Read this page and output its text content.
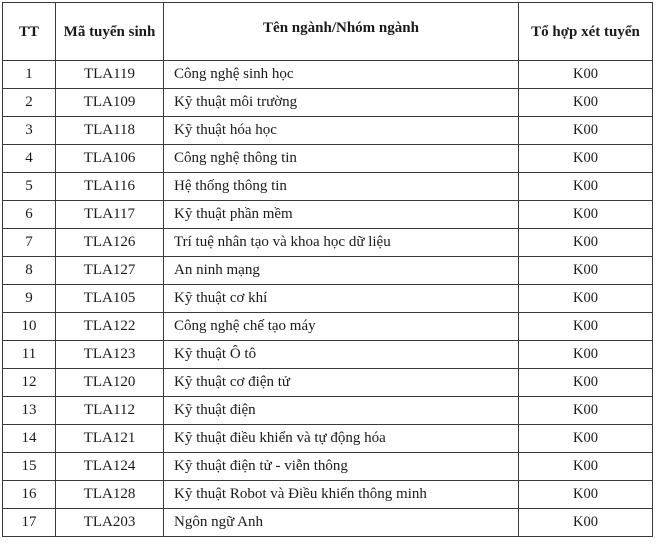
TT	Mã tuyển sinh	Tên ngành/Nhóm ngành	Tổ hợp xét tuyển
1	TLA119	Công nghệ sinh học	K00
2	TLA109	Kỹ thuật môi trường	K00
3	TLA118	Kỹ thuật hóa học	K00
4	TLA106	Công nghệ thông tin	K00
5	TLA116	Hệ thống thông tin	K00
6	TLA117	Kỹ thuật phần mềm	K00
7	TLA126	Trí tuệ nhân tạo và khoa học dữ liệu	K00
8	TLA127	An ninh mạng	K00
9	TLA105	Kỹ thuật cơ khí	K00
10	TLA122	Công nghệ chế tạo máy	K00
11	TLA123	Kỹ thuật Ô tô	K00
12	TLA120	Kỹ thuật cơ điện tử	K00
13	TLA112	Kỹ thuật điện	K00
14	TLA121	Kỹ thuật điều khiển và tự động hóa	K00
15	TLA124	Kỹ thuật điện tử - viễn thông	K00
16	TLA128	Kỹ thuật Robot và Điều khiển thông minh	K00
17	TLA203	Ngôn ngữ Anh	K00
